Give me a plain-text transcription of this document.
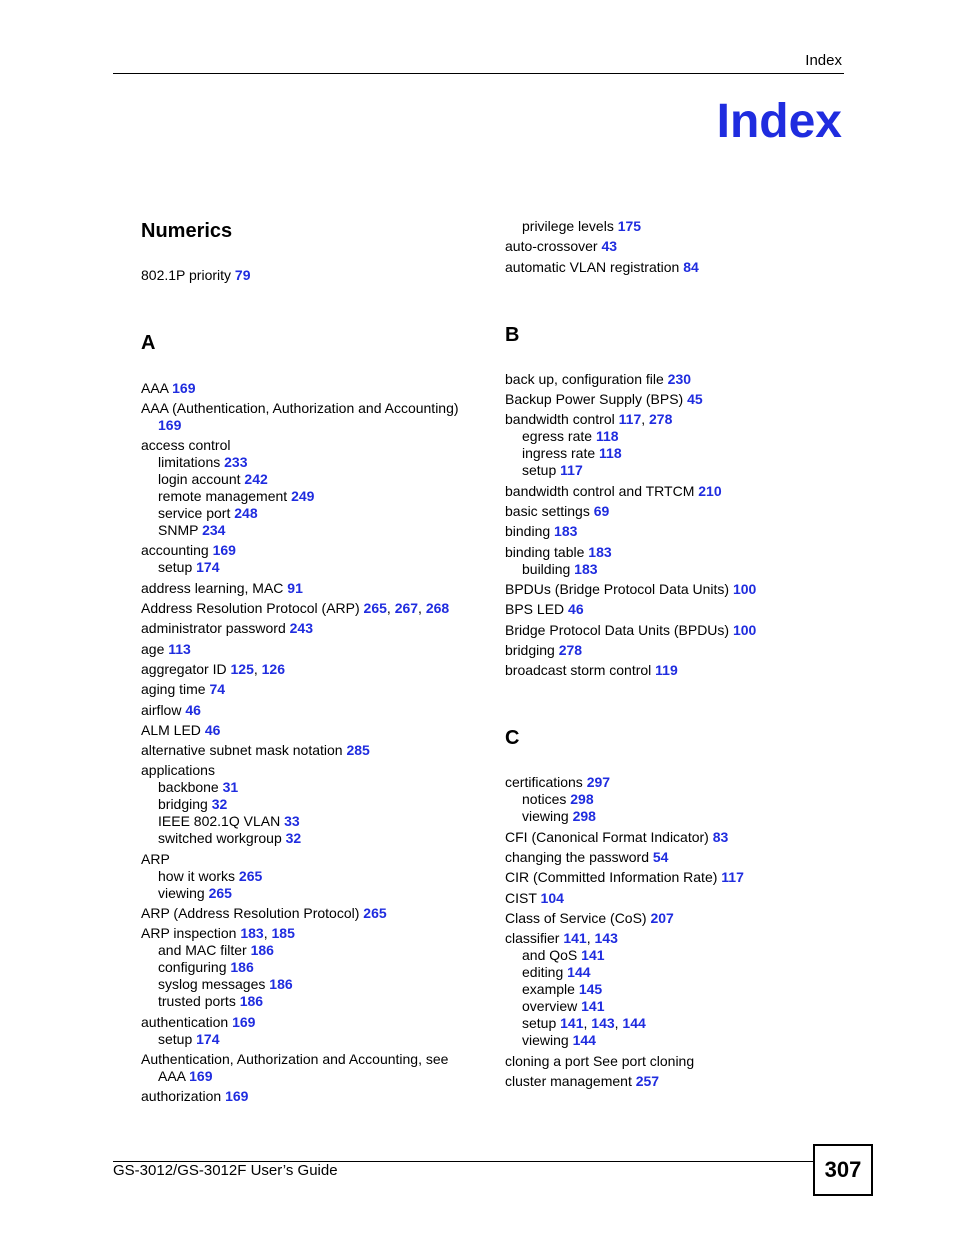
Index
Index
Numerics
802.1P priority 79
A
AAA 169
AAA (Authentication, Authorization and Accounting)
169
access control
limitations 233
login account 242
remote management 249
service port 248
SNMP 234
accounting 169
setup 174
address learning, MAC 91
Address Resolution Protocol (ARP) 265, 267, 268
administrator password 243
age 113
aggregator ID 125, 126
aging time 74
airflow 46
ALM LED 46
alternative subnet mask notation 285
applications
backbone 31
bridging 32
IEEE 802.1Q VLAN 33
switched workgroup 32
ARP
how it works 265
viewing 265
ARP (Address Resolution Protocol) 265
ARP inspection 183, 185
and MAC filter 186
configuring 186
syslog messages 186
trusted ports 186
authentication 169
setup 174
Authentication, Authorization and Accounting, see
AAA 169
authorization 169
privilege levels 175
auto-crossover 43
automatic VLAN registration 84
B
back up, configuration file 230
Backup Power Supply (BPS) 45
bandwidth control 117, 278
egress rate 118
ingress rate 118
setup 117
bandwidth control and TRTCM 210
basic settings 69
binding 183
binding table 183
building 183
BPDUs (Bridge Protocol Data Units) 100
BPS LED 46
Bridge Protocol Data Units (BPDUs) 100
bridging 278
broadcast storm control 119
C
certifications 297
notices 298
viewing 298
CFI (Canonical Format Indicator) 83
changing the password 54
CIR (Committed Information Rate) 117
CIST 104
Class of Service (CoS) 207
classifier 141, 143
and QoS 141
editing 144
example 145
overview 141
setup 141, 143, 144
viewing 144
cloning a port See port cloning
cluster management 257
GS-3012/GS-3012F User’s Guide	307
